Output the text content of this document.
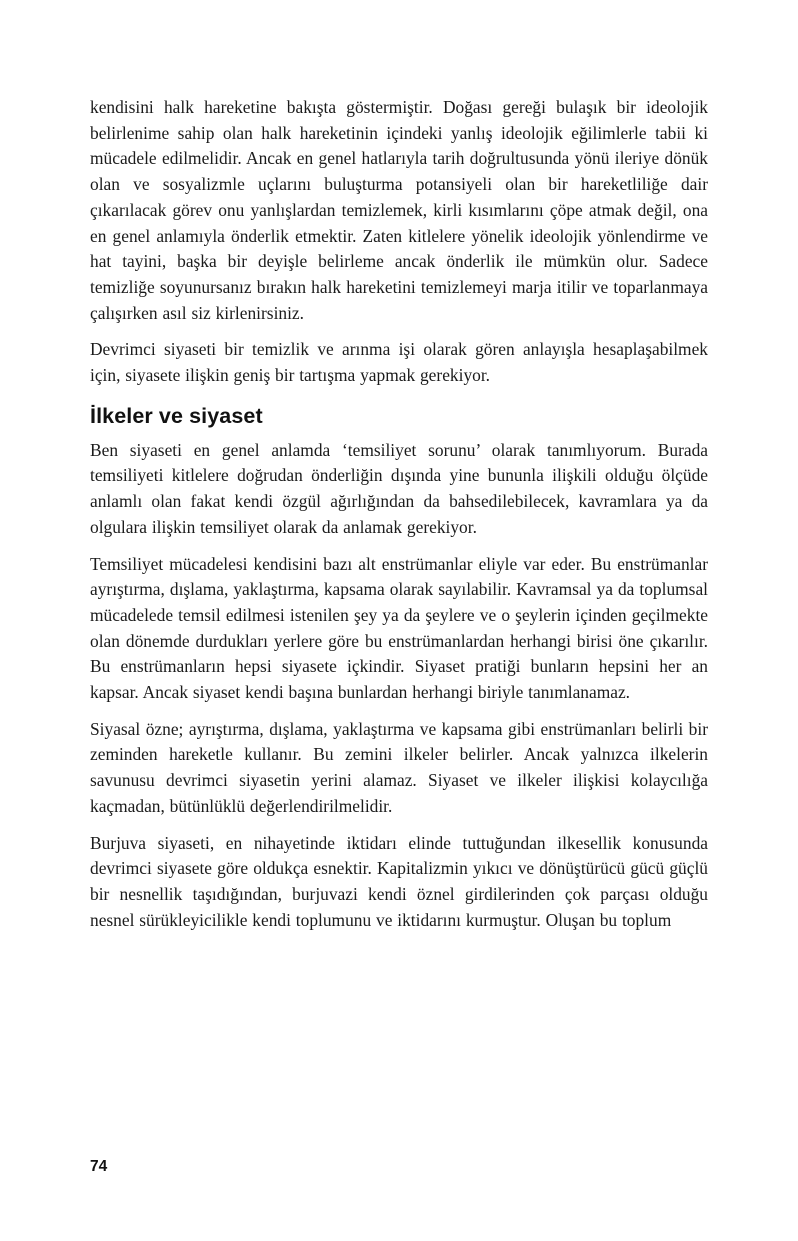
kendisini halk hareketine bakışta göstermiştir. Doğası gereği bulaşık bir ideolojik belirlenime sahip olan halk hareketinin içindeki yanlış ideolojik eğilimlerle tabii ki mücadele edilmelidir. Ancak en genel hatlarıyla tarih doğrultusunda yönü ileriye dönük olan ve sosyalizmle uçlarını buluşturma potansiyeli olan bir hareketliliğe dair çıkarılacak görev onu yanlışlardan temizlemek, kirli kısımlarını çöpe atmak değil, ona en genel anlamıyla önderlik etmektir. Zaten kitlelere yönelik ideolojik yönlendirme ve hat tayini, başka bir deyişle belirleme ancak önderlik ile mümkün olur. Sadece temizliğe soyunursanız bırakın halk hareketini temizlemeyi marja itilir ve toparlanmaya çalışırken asıl siz kirlenirsiniz.

Devrimci siyaseti bir temizlik ve arınma işi olarak gören anlayışla hesaplaşabilmek için, siyasete ilişkin geniş bir tartışma yapmak gerekiyor.

İlkeler ve siyaset

Ben siyaseti en genel anlamda ‘temsiliyet sorunu’ olarak tanımlıyorum. Burada temsiliyeti kitlelere doğrudan önderliğin dışında yine bununla ilişkili olduğu ölçüde anlamlı olan fakat kendi özgül ağırlığından da bahsedilebilecek, kavramlara ya da olgulara ilişkin temsiliyet olarak da anlamak gerekiyor.

Temsiliyet mücadelesi kendisini bazı alt enstrümanlar eliyle var eder. Bu enstrümanlar ayrıştırma, dışlama, yaklaştırma, kapsama olarak sayılabilir. Kavramsal ya da toplumsal mücadelede temsil edilmesi istenilen şey ya da şeylere ve o şeylerin içinden geçilmekte olan dönemde durdukları yerlere göre bu enstrümanlardan herhangi birisi öne çıkarılır. Bu enstrümanların hepsi siyasete içkindir. Siyaset pratiği bunların hepsini her an kapsar. Ancak siyaset kendi başına bunlardan herhangi biriyle tanımlanamaz.

Siyasal özne; ayrıştırma, dışlama, yaklaştırma ve kapsama gibi enstrümanları belirli bir zeminden hareketle kullanır. Bu zemini ilkeler belirler. Ancak yalnızca ilkelerin savunusu devrimci siyasetin yerini alamaz. Siyaset ve ilkeler ilişkisi kolaycılığa kaçmadan, bütünlüklü değerlendirilmelidir.

Burjuva siyaseti, en nihayetinde iktidarı elinde tuttuğundan ilkesellik konusunda devrimci siyasete göre oldukça esnektir. Kapitalizmin yıkıcı ve dönüştürücü gücü güçlü bir nesnellik taşıdığından, burjuvazi kendi öznel girdilerinden çok parçası olduğu nesnel sürükleyicilikle kendi toplumunu ve iktidarını kurmuştur. Oluşan bu toplum

74
